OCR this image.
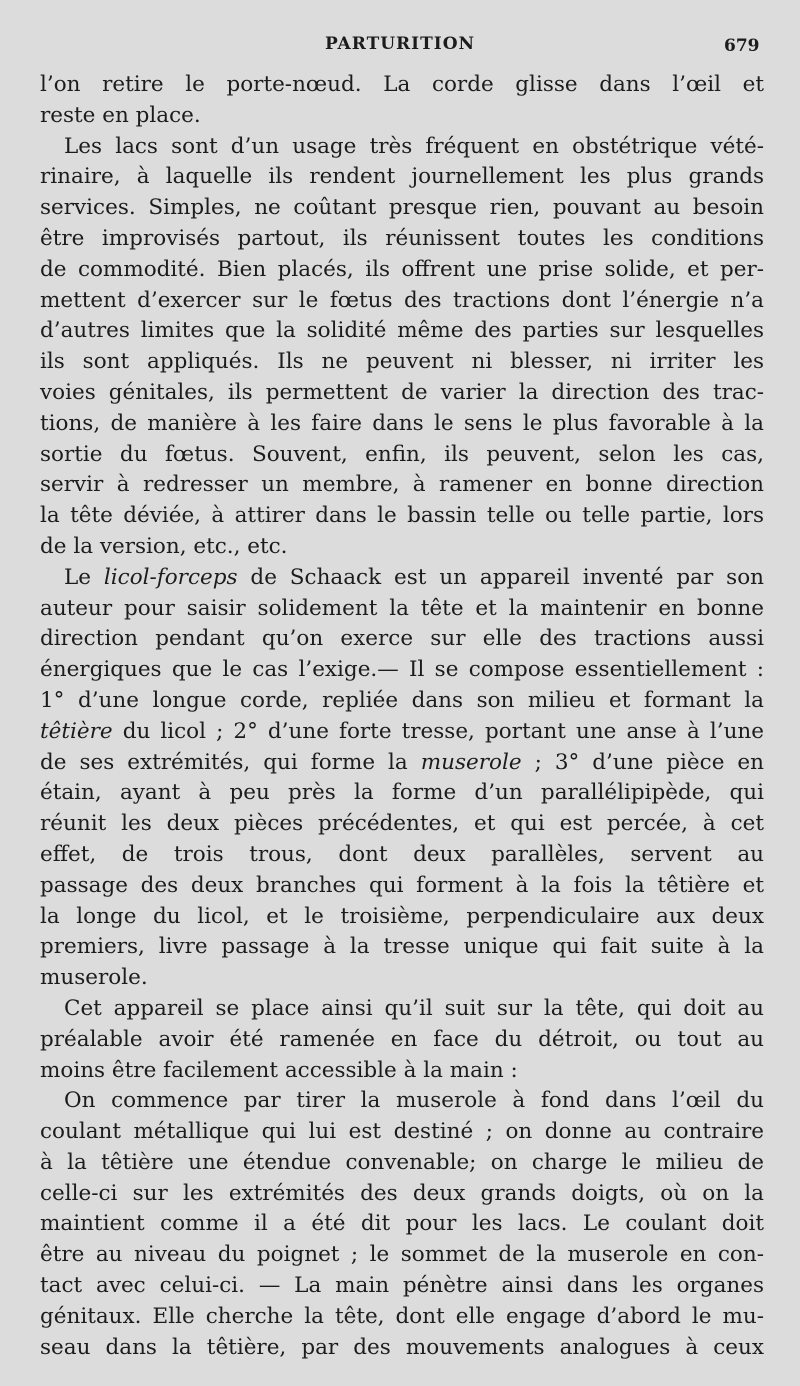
PARTURITION	679
l’on retire le porte-nœud. La corde glisse dans l’œil et
reste en place.
Les lacs sont d’un usage très fréquent en obstétrique vété-
rinaire, à laquelle ils rendent journellement les plus grands
services. Simples, ne coûtant presque rien, pouvant au besoin
être improvisés partout, ils réunissent toutes les conditions
de commodité. Bien placés, ils offrent une prise solide, et per-
mettent d’exercer sur le fœtus des tractions dont l’énergie n’a
d’autres limites que la solidité même des parties sur lesquelles
ils sont appliqués. Ils ne peuvent ni blesser, ni irriter les
voies génitales, ils permettent de varier la direction des trac-
tions, de manière à les faire dans le sens le plus favorable à la
sortie du fœtus. Souvent, enfin, ils peuvent, selon les cas,
servir à redresser un membre, à ramener en bonne direction
la tête déviée, à attirer dans le bassin telle ou telle partie, lors
de la version, etc., etc.
Le licol-forceps de Schaack est un appareil inventé par son
auteur pour saisir solidement la tête et la maintenir en bonne
direction pendant qu’on exerce sur elle des tractions aussi
énergiques que le cas l’exige.— Il se compose essentiellement :
1° d’une longue corde, repliée dans son milieu et formant la
têtière du licol ; 2° d’une forte tresse, portant une anse à l’une
de ses extrémités, qui forme la muserole ; 3° d’une pièce en
étain, ayant à peu près la forme d’un parallélipipède, qui
réunit les deux pièces précédentes, et qui est percée, à cet
effet, de trois trous, dont deux parallèles, servent au
passage des deux branches qui forment à la fois la têtière et
la longe du licol, et le troisième, perpendiculaire aux deux
premiers, livre passage à la tresse unique qui fait suite à la
muserole.
Cet appareil se place ainsi qu’il suit sur la tête, qui doit au
préalable avoir été ramenée en face du détroit, ou tout au
moins être facilement accessible à la main :
On commence par tirer la muserole à fond dans l’œil du
coulant métallique qui lui est destiné ; on donne au contraire
à la têtière une étendue convenable; on charge le milieu de
celle-ci sur les extrémités des deux grands doigts, où on la
maintient comme il a été dit pour les lacs. Le coulant doit
être au niveau du poignet ; le sommet de la muserole en con-
tact avec celui-ci. — La main pénètre ainsi dans les organes
génitaux. Elle cherche la tête, dont elle engage d’abord le mu-
seau dans la têtière, par des mouvements analogues à ceux
